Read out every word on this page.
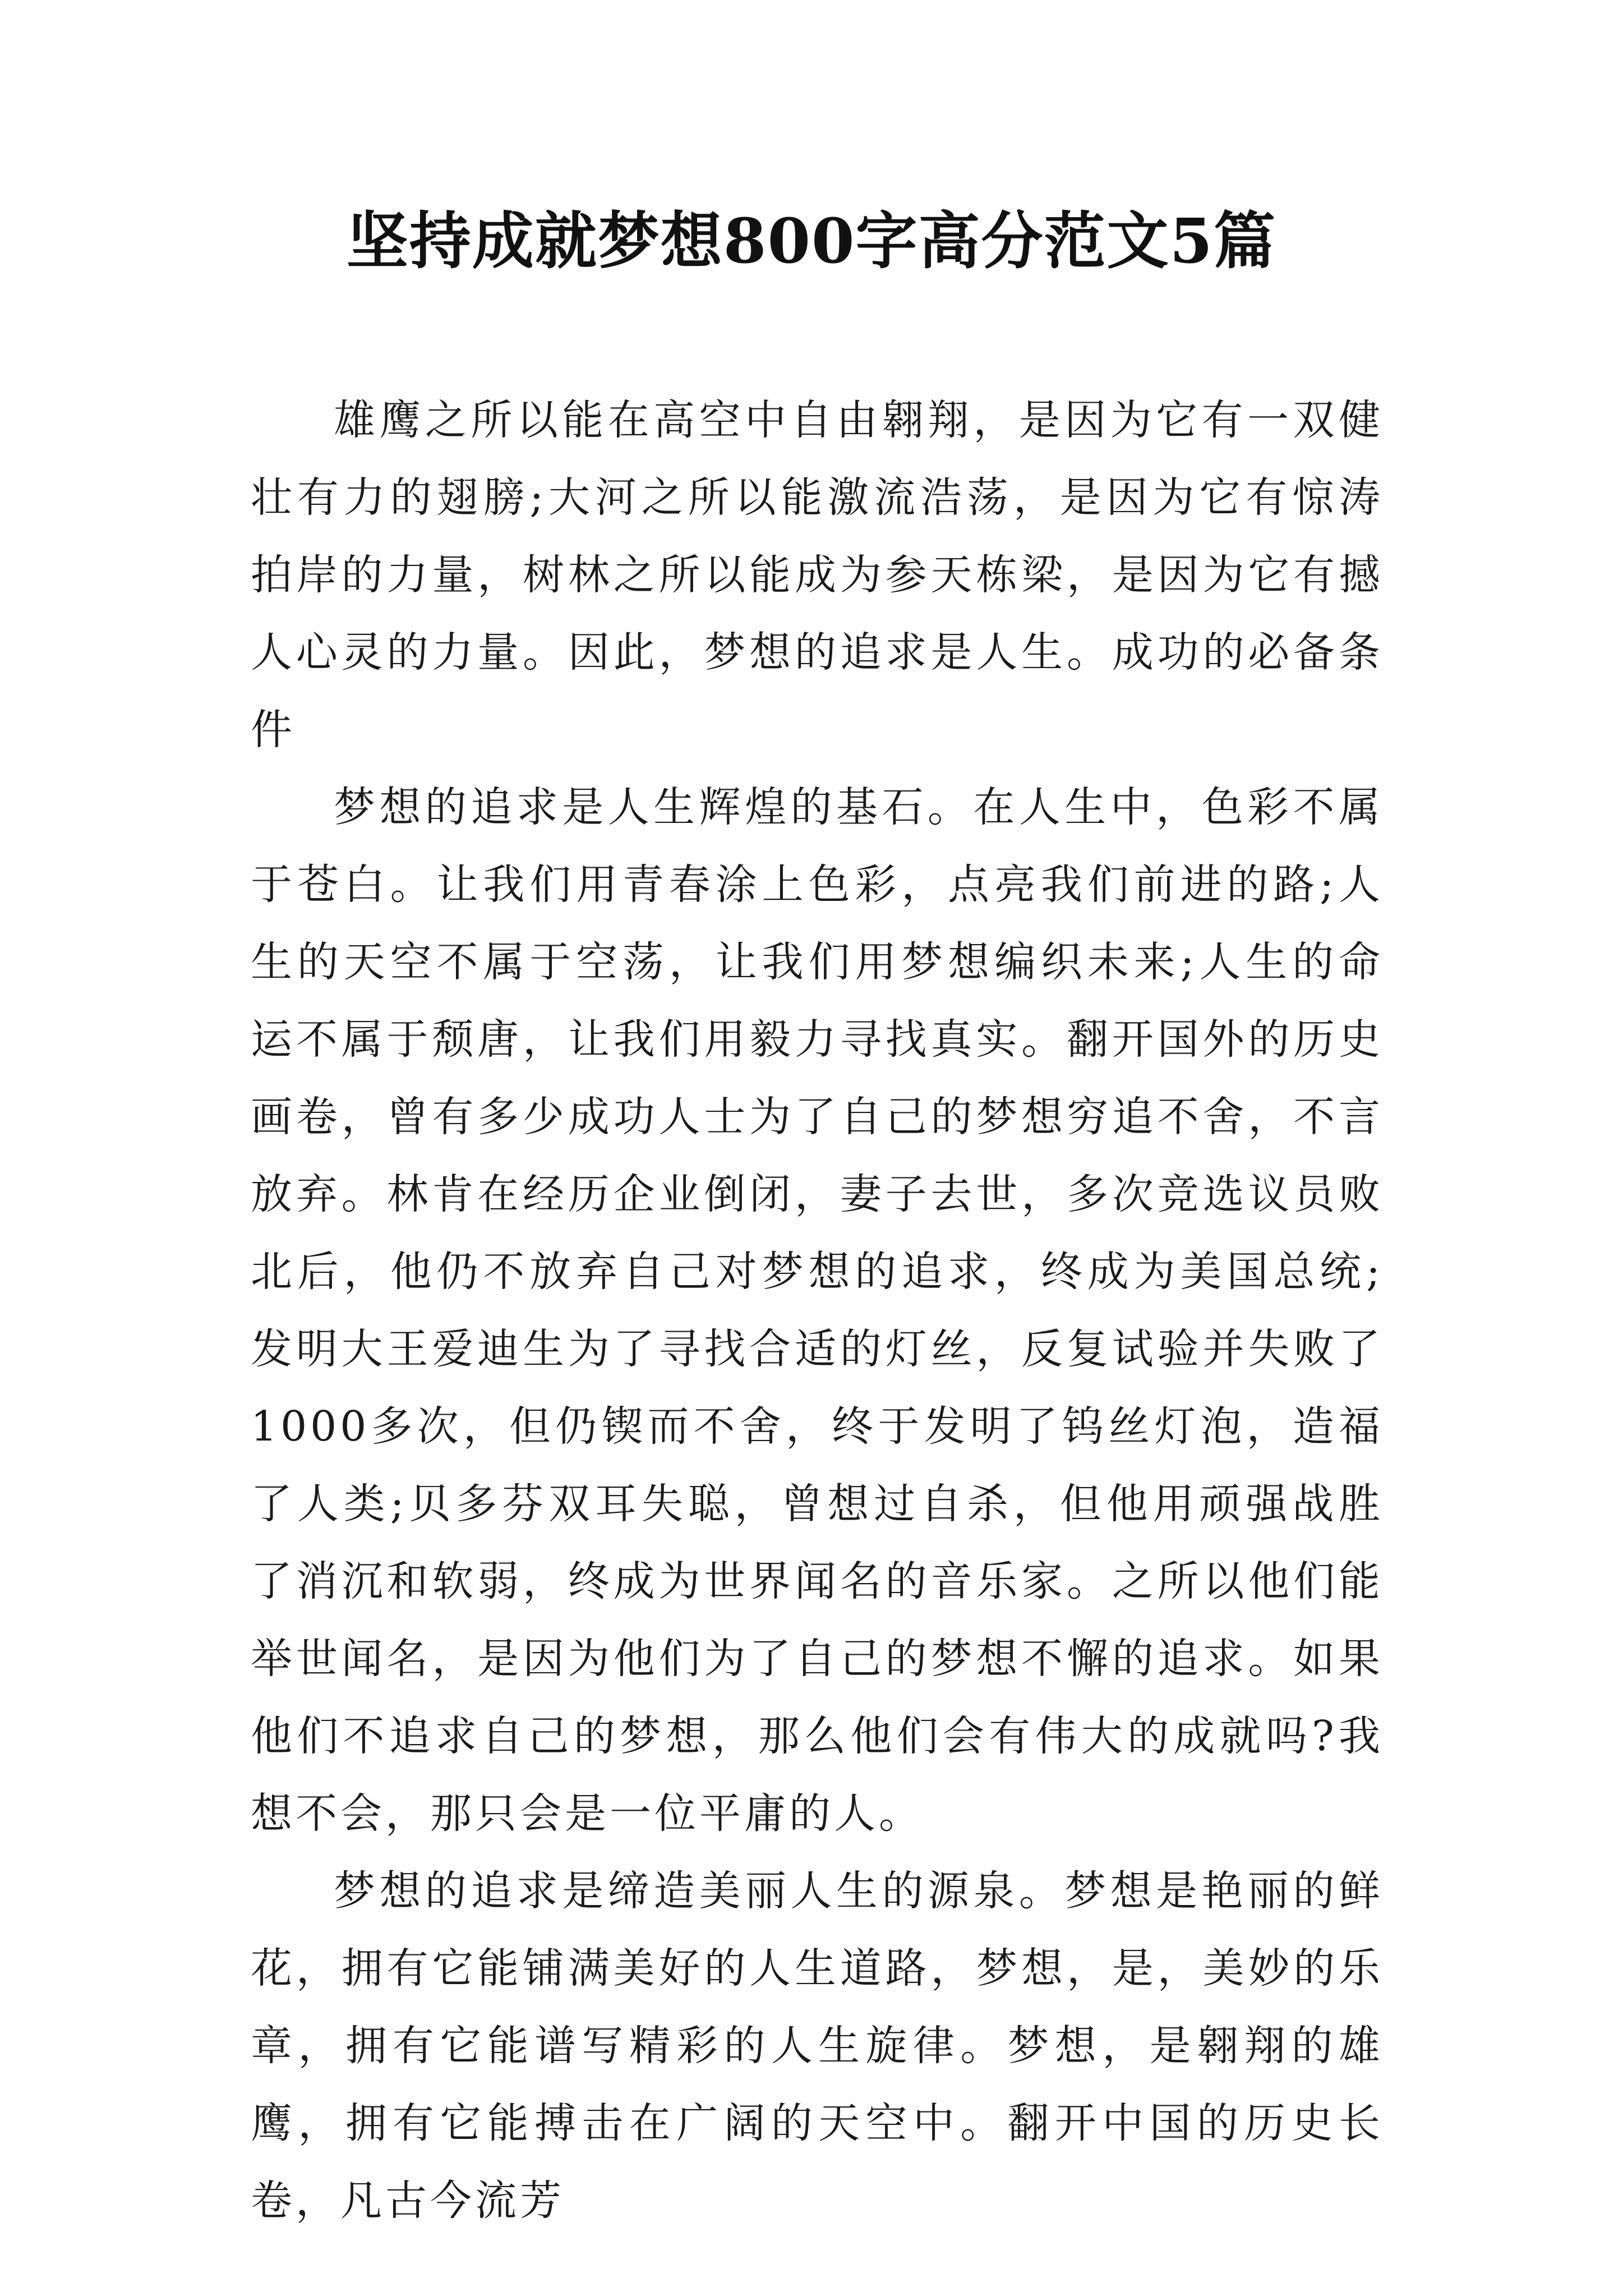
坚持成就梦想800字高分范文5篇

雄鹰之所以能在高空中自由翱翔，是因为它有一双健壮有力的翅膀;大河之所以能激流浩荡，是因为它有惊涛拍岸的力量，树林之所以能成为参天栋梁，是因为它有撼人心灵的力量。因此，梦想的追求是人生。成功的必备条件

梦想的追求是人生辉煌的基石。在人生中，色彩不属于苍白。让我们用青春涂上色彩，点亮我们前进的路;人生的天空不属于空荡，让我们用梦想编织未来;人生的命运不属于颓唐，让我们用毅力寻找真实。翻开国外的历史画卷，曾有多少成功人士为了自己的梦想穷追不舍，不言放弃。林肯在经历企业倒闭，妻子去世，多次竞选议员败北后，他仍不放弃自己对梦想的追求，终成为美国总统;发明大王爱迪生为了寻找合适的灯丝，反复试验并失败了1000多次，但仍锲而不舍，终于发明了钨丝灯泡，造福了人类;贝多芬双耳失聪，曾想过自杀，但他用顽强战胜了消沉和软弱，终成为世界闻名的音乐家。之所以他们能举世闻名，是因为他们为了自己的梦想不懈的追求。如果他们不追求自己的梦想，那么他们会有伟大的成就吗?我想不会，那只会是一位平庸的人。

梦想的追求是缔造美丽人生的源泉。梦想是艳丽的鲜花，拥有它能铺满美好的人生道路，梦想，是，美妙的乐章，拥有它能谱写精彩的人生旋律。梦想，是翱翔的雄鹰，拥有它能搏击在广阔的天空中。翻开中国的历史长卷，凡古今流芳
